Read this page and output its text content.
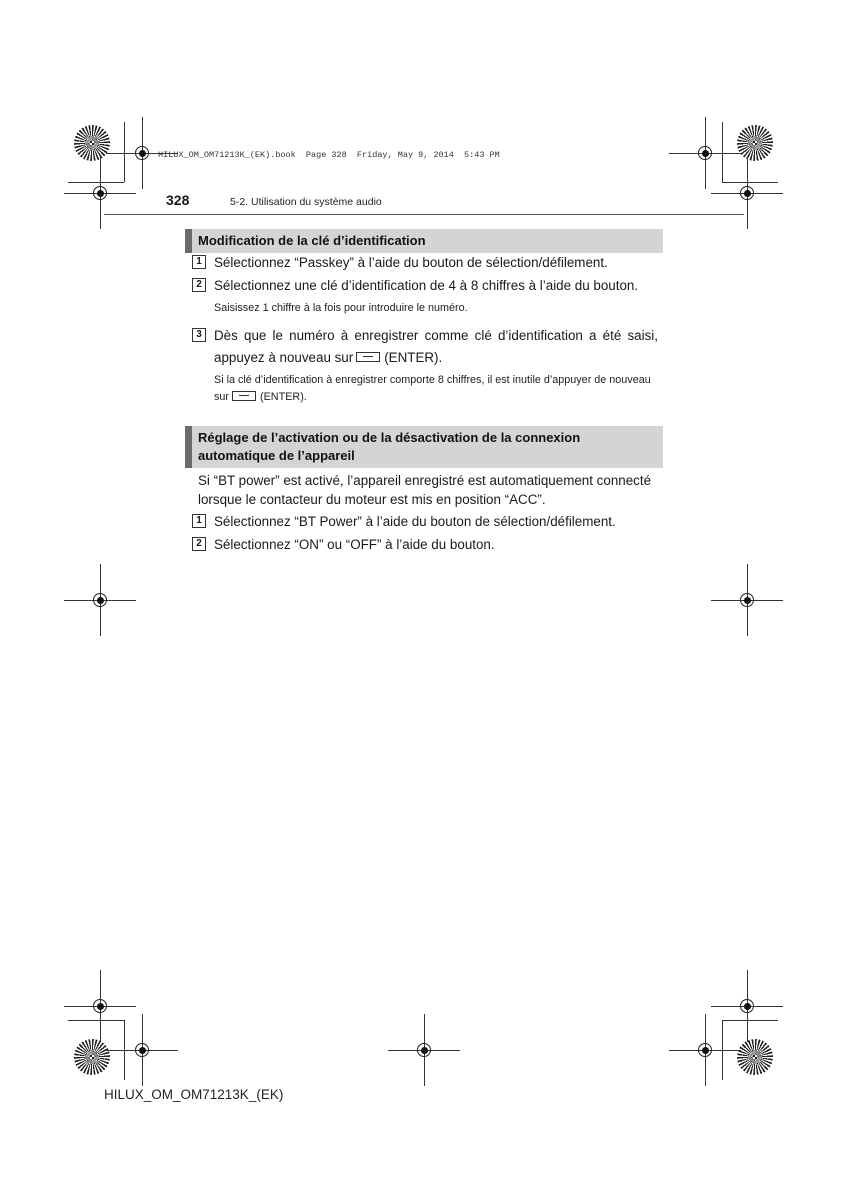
HILUX_OM_OM71213K_(EK).book  Page 328  Friday, May 9, 2014  5:43 PM
328	5-2. Utilisation du système audio
Modification de la clé d’identification
1 Sélectionnez “Passkey” à l’aide du bouton de sélection/défilement.
2 Sélectionnez une clé d’identification de 4 à 8 chiffres à l’aide du bouton.
Saisissez 1 chiffre à la fois pour introduire le numéro.
3 Dès que le numéro à enregistrer comme clé d’identification a été saisi, appuyez à nouveau sur (ENTER).
Si la clé d’identification à enregistrer comporte 8 chiffres, il est inutile d’appuyer de nouveau sur	(ENTER).
Réglage de l’activation ou de la désactivation de la connexion automatique de l’appareil
Si “BT power” est activé, l’appareil enregistré est automatiquement connecté lorsque le contacteur du moteur est mis en position “ACC”.
1 Sélectionnez “BT Power” à l’aide du bouton de sélection/défilement.
2 Sélectionnez “ON” ou “OFF” à l’aide du bouton.
HILUX_OM_OM71213K_(EK)
